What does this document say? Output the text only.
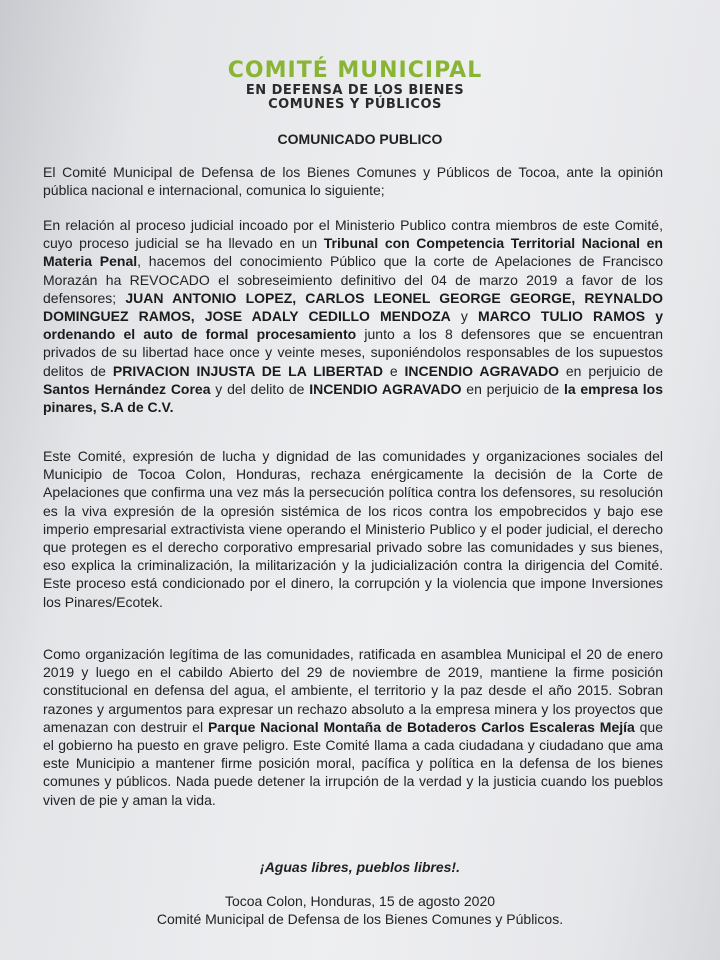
COMITÉ MUNICIPAL
EN DEFENSA DE LOS BIENES
COMUNES Y PÚBLICOS
COMUNICADO PUBLICO
El Comité Municipal de Defensa de los Bienes Comunes y Públicos de Tocoa, ante la opinión pública nacional e internacional, comunica lo siguiente;
En relación al proceso judicial incoado por el Ministerio Publico contra miembros de este Comité, cuyo proceso judicial se ha llevado en un Tribunal con Competencia Territorial Nacional en Materia Penal, hacemos del conocimiento Público que la corte de Apelaciones de Francisco Morazán ha REVOCADO el sobreseimiento definitivo del 04 de marzo 2019 a favor de los defensores; JUAN ANTONIO LOPEZ, CARLOS LEONEL GEORGE GEORGE, REYNALDO DOMINGUEZ RAMOS, JOSE ADALY CEDILLO MENDOZA y MARCO TULIO RAMOS y ordenando el auto de formal procesamiento junto a los 8 defensores que se encuentran privados de su libertad hace once y veinte meses, suponiéndolos responsables de los supuestos delitos de PRIVACION INJUSTA DE LA LIBERTAD e INCENDIO AGRAVADO en perjuicio de Santos Hernández Corea y del delito de INCENDIO AGRAVADO en perjuicio de la empresa los pinares, S.A de C.V.
Este Comité, expresión de lucha y dignidad de las comunidades y organizaciones sociales del Municipio de Tocoa Colon, Honduras, rechaza enérgicamente la decisión de la Corte de Apelaciones que confirma una vez más la persecución política contra los defensores, su resolución es la viva expresión de la opresión sistémica de los ricos contra los empobrecidos y bajo ese imperio empresarial extractivista viene operando el Ministerio Publico y el poder judicial, el derecho que protegen es el derecho corporativo empresarial privado sobre las comunidades y sus bienes, eso explica la criminalización, la militarización y la judicialización contra la dirigencia del Comité. Este proceso está condicionado por el dinero, la corrupción y la violencia que impone Inversiones los Pinares/Ecotek.
Como organización legítima de las comunidades, ratificada en asamblea Municipal el 20 de enero 2019 y luego en el cabildo Abierto del 29 de noviembre de 2019, mantiene la firme posición constitucional en defensa del agua, el ambiente, el territorio y la paz desde el año 2015. Sobran razones y argumentos para expresar un rechazo absoluto a la empresa minera y los proyectos que amenazan con destruir el Parque Nacional Montaña de Botaderos Carlos Escaleras Mejía que el gobierno ha puesto en grave peligro. Este Comité llama a cada ciudadana y ciudadano que ama este Municipio a mantener firme posición moral, pacífica y política en la defensa de los bienes comunes y públicos. Nada puede detener la irrupción de la verdad y la justicia cuando los pueblos viven de pie y aman la vida.
¡Aguas libres, pueblos libres!.
Tocoa Colon, Honduras, 15 de agosto 2020
Comité Municipal de Defensa de los Bienes Comunes y Públicos.
